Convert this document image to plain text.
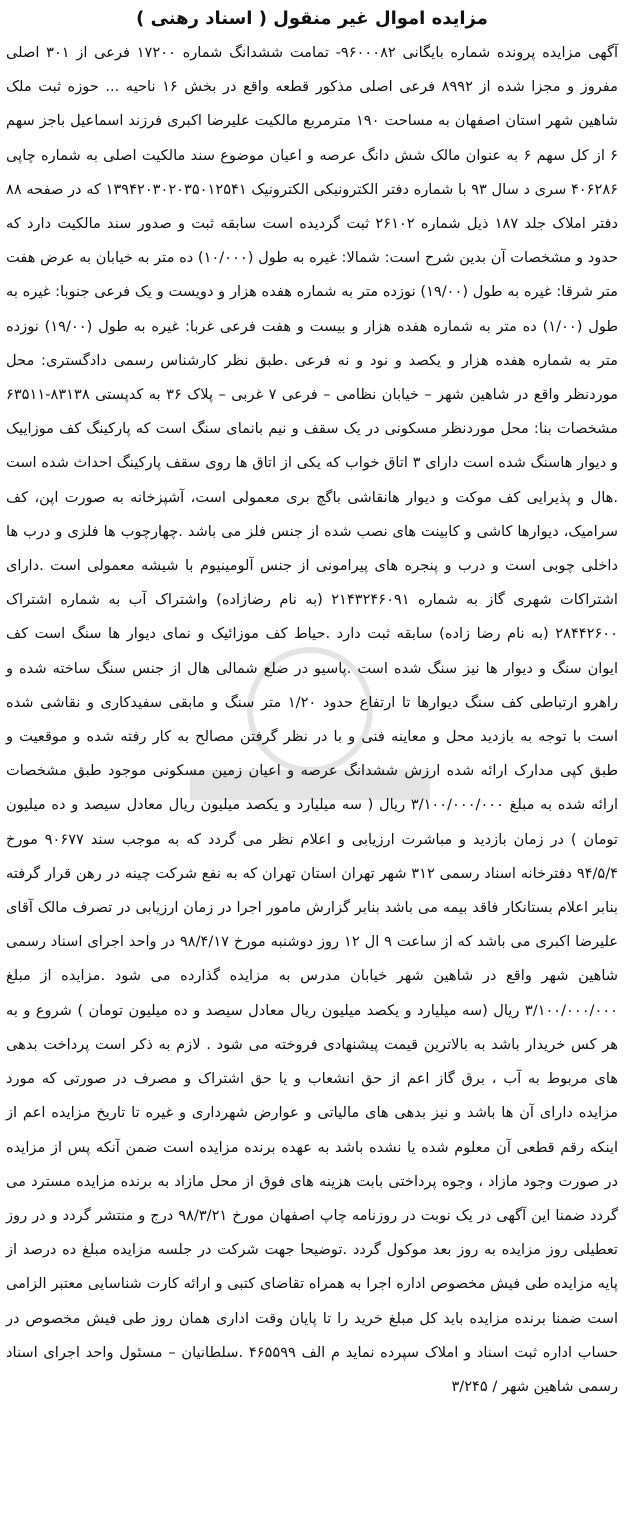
مزایده اموال غیر منقول ( اسناد رهنی )

آگهی مزایده پرونده شماره بایگانی ۹۶۰۰۰۸۲- تمامت ششدانگ شماره ۱۷۲۰۰ فرعی از ۳۰۱ اصلی مفروز و مجزا شده از ۸۹۹۲ فرعی اصلی مذکور قطعه واقع در بخش ۱۶ ناحیه ... حوزه ثبت ملک شاهین شهر استان اصفهان به مساحت ۱۹۰ مترمربع مالکیت علیرضا اکبری فرزند اسماعیل باجز سهم ۶ از کل سهم ۶ به عنوان مالک شش دانگ عرصه و اعیان موضوع سند مالکیت اصلی به شماره چاپی ۴۰۶۲۸۶ سری د سال ۹۳ با شماره دفتر الکترونیکی الکترونیک ۱۳۹۴۲۰۳۰۲۰۳۵۰۱۲۵۴۱ که در صفحه ۸۸ دفتر املاک جلد ۱۸۷ ذیل شماره ۲۶۱۰۲ ثبت گردیده است سابقه ثبت و صدور سند مالکیت دارد که حدود و مشخصات آن بدین شرح است: شمالا: غیره به طول (۱۰/۰۰۰) ده متر به خیابان به عرض هفت متر شرقا: غیره به طول (۱۹/۰۰) نوزده متر به شماره هفده هزار و دویست و یک فرعی جنوبا: غیره به طول (۱/۰۰) ده متر به شماره هفده هزار و بیست و هفت فرعی غربا: غیره به طول (۱۹/۰۰) نوزده متر به شماره هفده هزار و یکصد و نود و نه فرعی .طبق نظر کارشناس رسمی دادگستری: محل موردنظر واقع در شاهین شهر – خیابان نظامی – فرعی ۷ غربی – پلاک ۳۶ به کدپستی ۸۳۱۳۸-۶۳۵۱۱ مشخصات بنا: محل موردنظر مسکونی در یک سقف و نیم بانمای سنگ است که پارکینگ کف موزاییک و دیوار هاسنگ شده است دارای ۳ اتاق خواب که یکی از اتاق ها روی سقف پارکینگ احداث شده است .هال و پذیرایی کف موکت و دیوار هانقاشی باگچ بری معمولی است، آشپزخانه به صورت اپن، کف سرامیک، دیوارها کاشی و کابینت های نصب شده از جنس فلز می باشد .چهارچوب ها فلزی و درب ها داخلی چوبی است و درب و پنجره های پیرامونی از جنس آلومینیوم با شیشه معمولی است .دارای اشتراکات شهری گاز به شماره ۲۱۴۳۲۴۶۰۹۱ (به نام رضازاده) واشتراک آب به شماره اشتراک ۲۸۴۴۲۶۰۰ (به نام رضا زاده) سابقه ثبت دارد .حیاط کف موزائیک و نمای دیوار ها سنگ است کف ایوان سنگ و دیوار ها نیز سنگ شده است .پاسیو در ضلع شمالی هال از جنس سنگ ساخته شده و راهرو ارتباطی کف سنگ دیوارها تا ارتفاع حدود ۱/۲۰ متر سنگ و مابقی سفیدکاری و نقاشی شده است با توجه به بازدید محل و معاینه فنی و با در نظر گرفتن مصالح به کار رفته شده و موقعیت و طبق کپی مدارک ارائه شده ارزش ششدانگ عرصه و اعیان زمین مسکونی موجود طبق مشخصات ارائه شده به مبلغ ۳/۱۰۰/۰۰۰/۰۰۰ ریال ( سه میلیارد و یکصد میلیون ریال معادل سیصد و ده میلیون تومان ) در زمان بازدید و مباشرت ارزیابی و اعلام نظر می گردد که به موجب سند ۹۰۶۷۷ مورخ ۹۴/۵/۴ دفترخانه اسناد رسمی ۳۱۲ شهر تهران استان تهران که به نفع شرکت چینه در رهن قرار گرفته بنابر اعلام بستانکار فاقد بیمه می باشد بنابر گزارش مامور اجرا در زمان ارزیابی در تصرف مالک آقای علیرضا اکبری می باشد که از ساعت ۹ ال ۱۲ روز دوشنبه مورخ ۹۸/۴/۱۷ در واحد اجرای اسناد رسمی شاهین شهر واقع در شاهین شهر خیابان مدرس به مزایده گذارده می شود .مزایده از مبلغ ۳/۱۰۰/۰۰۰/۰۰۰ ریال (سه میلیارد و یکصد میلیون ریال معادل سیصد و ده میلیون تومان ) شروع و به هر کس خریدار باشد به بالاترین قیمت پیشنهادی فروخته می شود . لازم به ذکر است پرداخت بدهی های مربوط به آب ، برق گاز اعم از حق انشعاب و یا حق اشتراک و مصرف در صورتی که مورد مزایده دارای آن ها باشد و نیز بدهی های مالیاتی و عوارض شهرداری و غیره تا تاریخ مزایده اعم از اینکه رقم قطعی آن معلوم شده یا نشده باشد به عهده برنده مزایده است ضمن آنکه پس از مزایده در صورت وجود مازاد ، وجوه پرداختی بابت هزینه های فوق از محل مازاد به برنده مزایده مسترد می گردد ضمنا این آگهی در یک نوبت در روزنامه چاپ اصفهان مورخ ۹۸/۳/۲۱ درج و منتشر گردد و در روز تعطیلی روز مزایده به روز بعد موکول گردد .توضیحا جهت شرکت در جلسه مزایده مبلغ ده درصد از پایه مزایده طی فیش مخصوص اداره اجرا به همراه تقاضای کتبی و ارائه کارت شناسایی معتبر الزامی است ضمنا برنده مزایده باید کل مبلغ خرید را تا پایان وقت اداری همان روز طی فیش مخصوص در حساب اداره ثبت اسناد و املاک سپرده نماید م الف ۴۶۵۵۹۹ .سلطانیان – مسئول واحد اجرای اسناد رسمی شاهین شهر / ۳/۲۴۵
